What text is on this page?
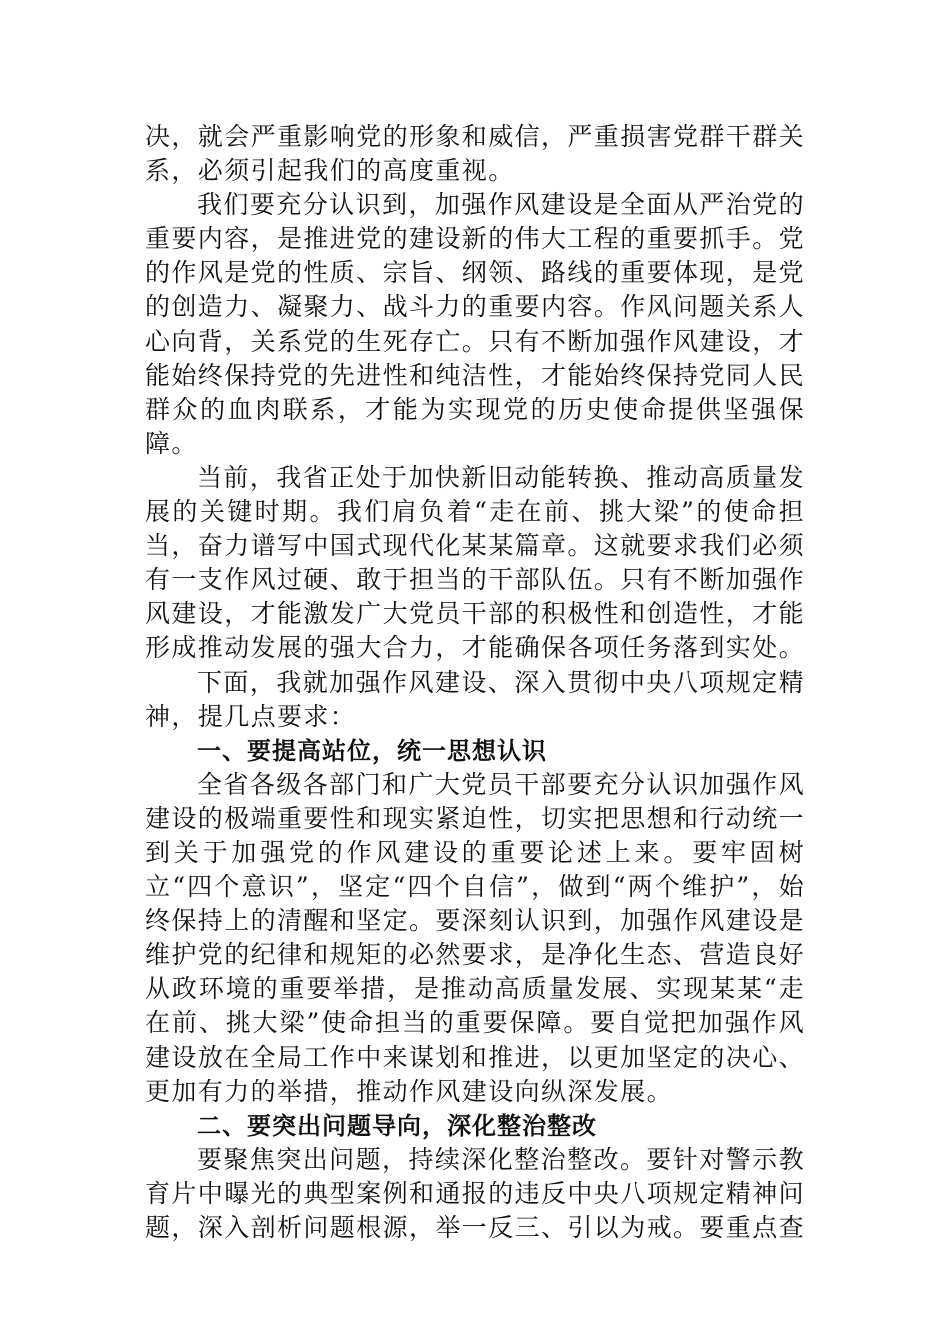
决，就会严重影响党的形象和威信，严重损害党群干群关系，必须引起我们的高度重视。

我们要充分认识到，加强作风建设是全面从严治党的重要内容，是推进党的建设新的伟大工程的重要抓手。党的作风是党的性质、宗旨、纲领、路线的重要体现，是党的创造力、凝聚力、战斗力的重要内容。作风问题关系人心向背，关系党的生死存亡。只有不断加强作风建设，才能始终保持党的先进性和纯洁性，才能始终保持党同人民群众的血肉联系，才能为实现党的历史使命提供坚强保障。

当前，我省正处于加快新旧动能转换、推动高质量发展的关键时期。我们肩负着“走在前、挑大梁”的使命担当，奋力谱写中国式现代化某某篇章。这就要求我们必须有一支作风过硬、敢于担当的干部队伍。只有不断加强作风建设，才能激发广大党员干部的积极性和创造性，才能形成推动发展的强大合力，才能确保各项任务落到实处。

下面，我就加强作风建设、深入贯彻中央八项规定精神，提几点要求：

一、要提高站位，统一思想认识

全省各级各部门和广大党员干部要充分认识加强作风建设的极端重要性和现实紧迫性，切实把思想和行动统一到关于加强党的作风建设的重要论述上来。要牢固树立“四个意识”，坚定“四个自信”，做到“两个维护”，始终保持上的清醒和坚定。要深刻认识到，加强作风建设是维护党的纪律和规矩的必然要求，是净化生态、营造良好从政环境的重要举措，是推动高质量发展、实现某某“走在前、挑大梁”使命担当的重要保障。要自觉把加强作风建设放在全局工作中来谋划和推进，以更加坚定的决心、更加有力的举措，推动作风建设向纵深发展。

二、要突出问题导向，深化整治整改

要聚焦突出问题，持续深化整治整改。要针对警示教育片中曝光的典型案例和通报的违反中央八项规定精神问题，深入剖析问题根源，举一反三、引以为戒。要重点查
